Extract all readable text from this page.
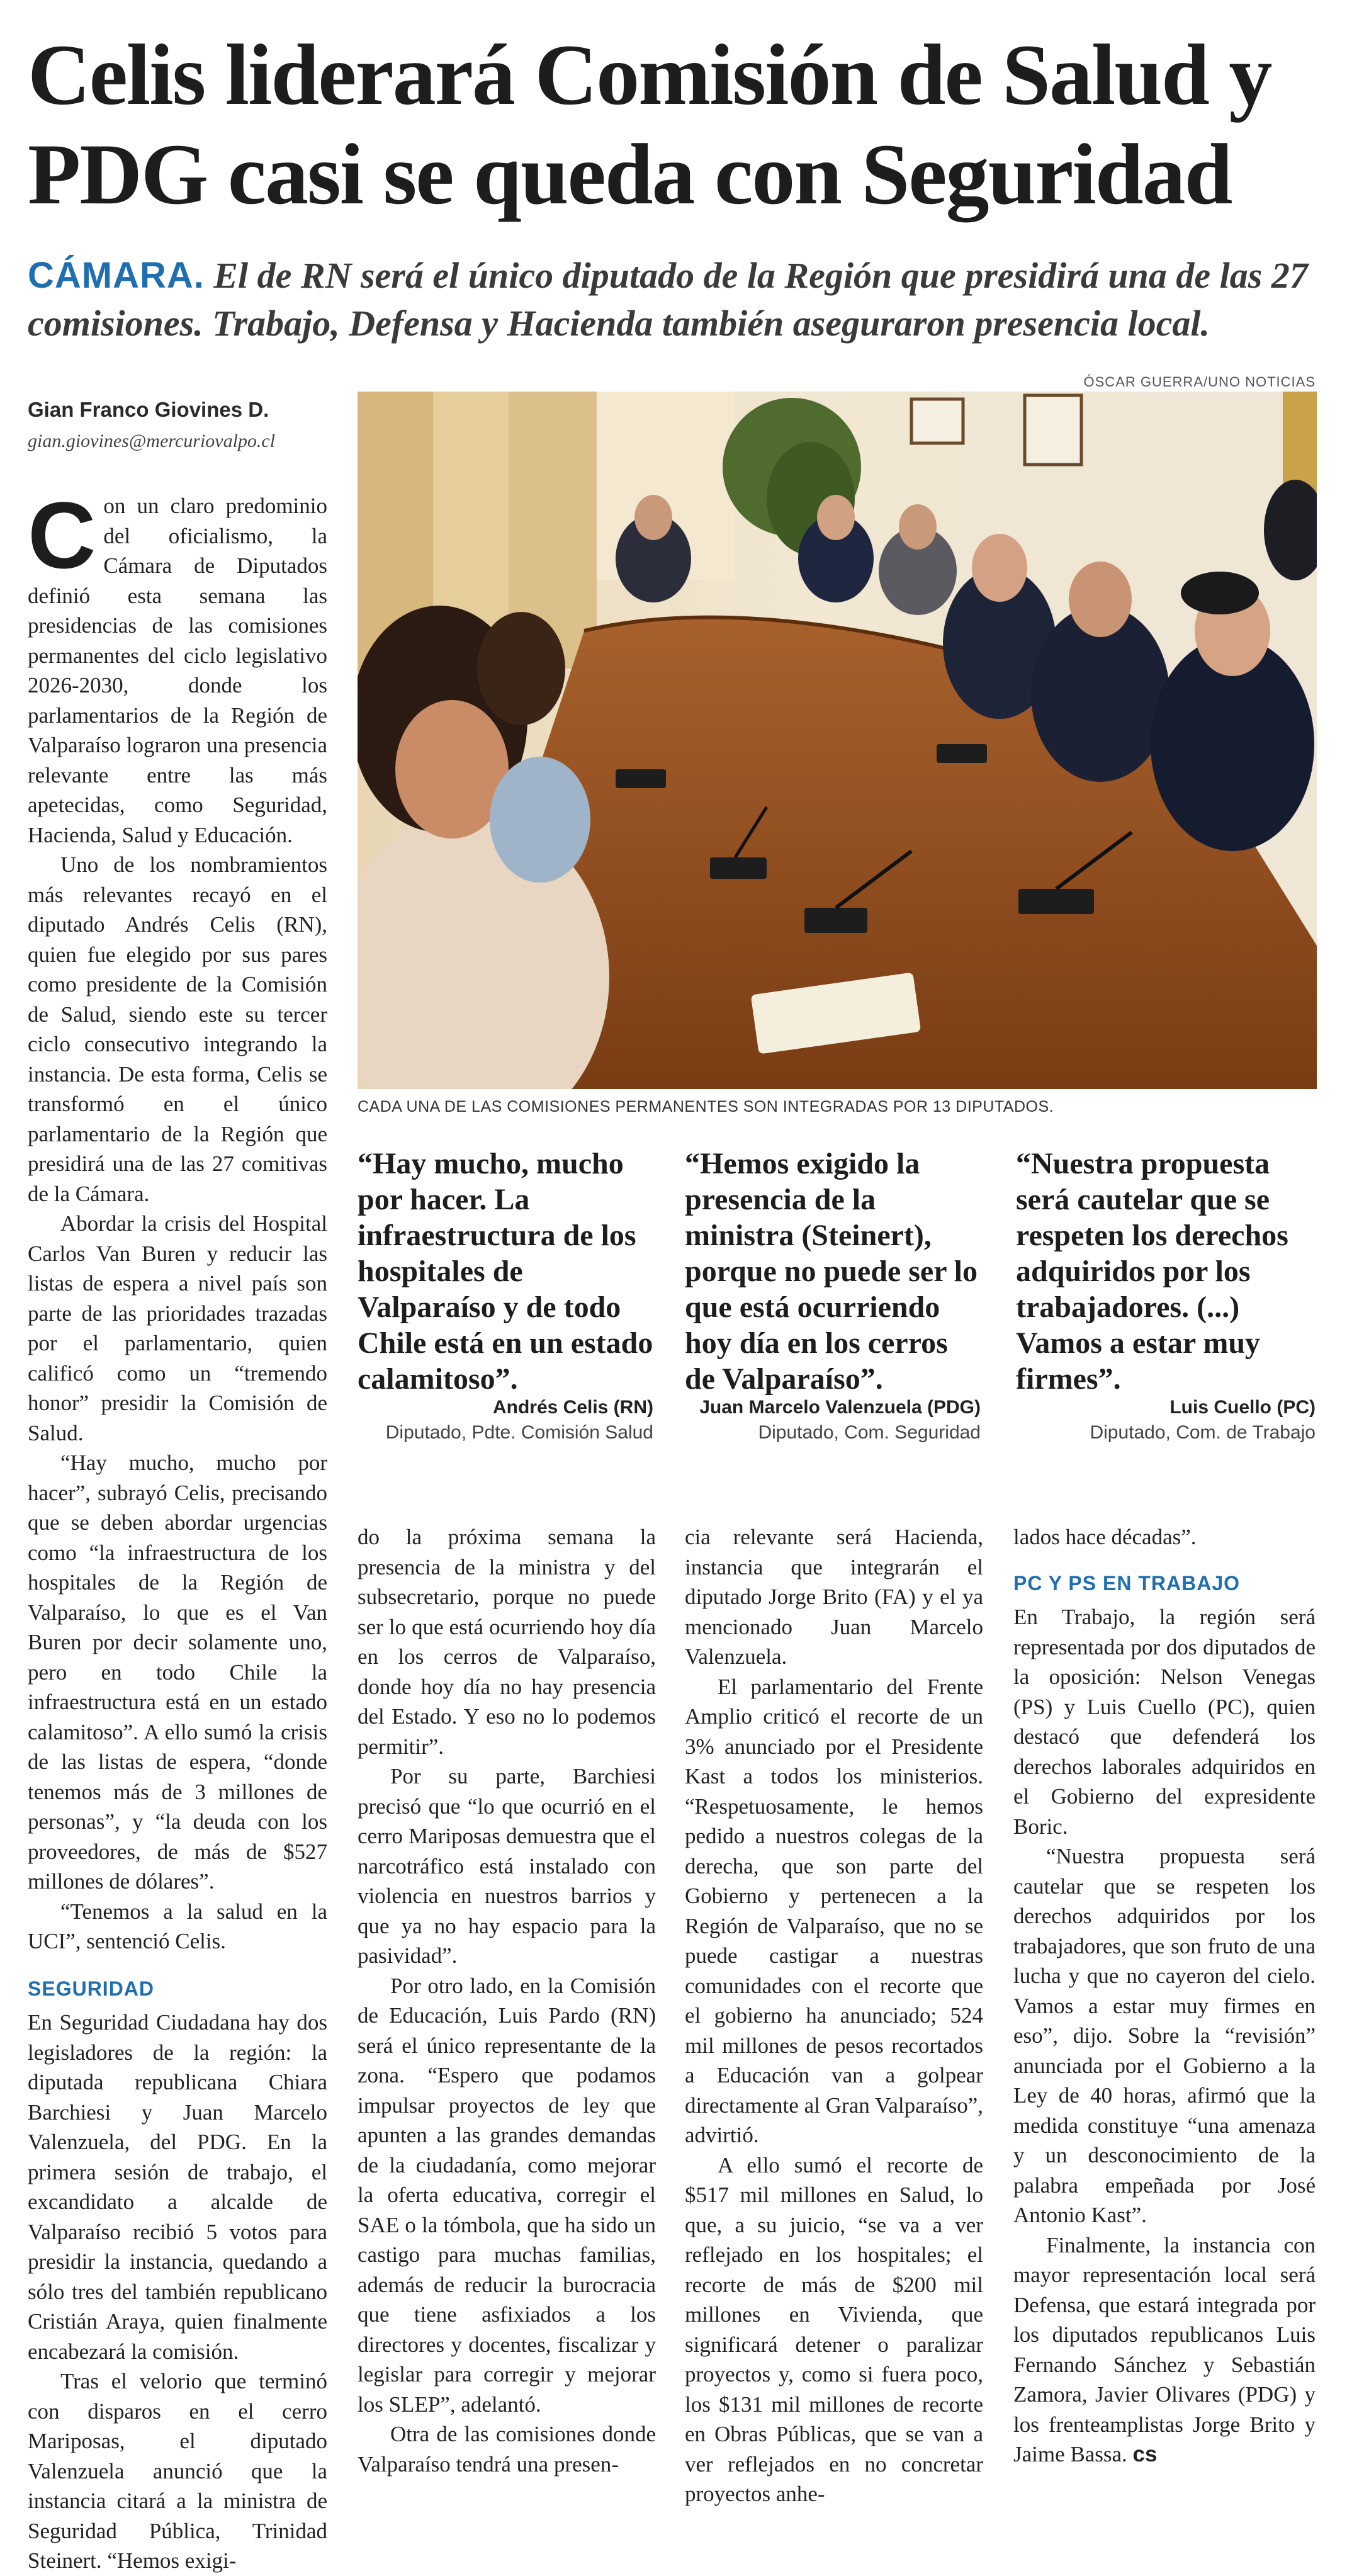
Celis liderará Comisión de Salud y PDG casi se queda con Seguridad

CÁMARA. El de RN será el único diputado de la Región que presidirá una de las 27 comisiones. Trabajo, Defensa y Hacienda también aseguraron presencia local.

ÓSCAR GUERRA/UNO NOTICIAS
Gian Franco Giovines D.
gian.giovines@mercuriovalpo.cl
CADA UNA DE LAS COMISIONES PERMANENTES SON INTEGRADAS POR 13 DIPUTADOS.
“Hay mucho, mucho por hacer. La infraestructura de los hospitales de Valparaíso y de todo Chile está en un estado calamitoso”.
Andrés Celis (RN)
Diputado, Pdte. Comisión Salud
“Hemos exigido la presencia de la ministra (Steinert), porque no puede ser lo que está ocurriendo hoy día en los cerros de Valparaíso”.
Juan Marcelo Valenzuela (PDG)
Diputado, Com. Seguridad
“Nuestra propuesta será cautelar que se respeten los derechos adquiridos por los trabajadores. (...) Vamos a estar muy firmes”.
Luis Cuello (PC)
Diputado, Com. de Trabajo

Con un claro predominio del oficialismo, la Cámara de Diputados definió esta semana las presidencias de las comisiones permanentes del ciclo legislativo 2026-2030, donde los parlamentarios de la Región de Valparaíso lograron una presencia relevante entre las más apetecidas, como Seguridad, Hacienda, Salud y Educación.

Uno de los nombramientos más relevantes recayó en el diputado Andrés Celis (RN), quien fue elegido por sus pares como presidente de la Comisión de Salud, siendo este su tercer ciclo consecutivo integrando la instancia. De esta forma, Celis se transformó en el único parlamentario de la Región que presidirá una de las 27 comitivas de la Cámara.

Abordar la crisis del Hospital Carlos Van Buren y reducir las listas de espera a nivel país son parte de las prioridades trazadas por el parlamentario, quien calificó como un “tremendo honor” presidir la Comisión de Salud.

“Hay mucho, mucho por hacer”, subrayó Celis, precisando que se deben abordar urgencias como “la infraestructura de los hospitales de la Región de Valparaíso, lo que es el Van Buren por decir solamente uno, pero en todo Chile la infraestructura está en un estado calamitoso”. A ello sumó la crisis de las listas de espera, “donde tenemos más de 3 millones de personas”, y “la deuda con los proveedores, de más de $527 millones de dólares”.

“Tenemos a la salud en la UCI”, sentenció Celis.

SEGURIDAD

En Seguridad Ciudadana hay dos legisladores de la región: la diputada republicana Chiara Barchiesi y Juan Marcelo Valenzuela, del PDG. En la primera sesión de trabajo, el excandidato a alcalde de Valparaíso recibió 5 votos para presidir la instancia, quedando a sólo tres del también republicano Cristián Araya, quien finalmente encabezará la comisión.

Tras el velorio que terminó con disparos en el cerro Mariposas, el diputado Valenzuela anunció que la instancia citará a la ministra de Seguridad Pública, Trinidad Steinert. “Hemos exigi-

do la próxima semana la presencia de la ministra y del subsecretario, porque no puede ser lo que está ocurriendo hoy día en los cerros de Valparaíso, donde hoy día no hay presencia del Estado. Y eso no lo podemos permitir”.

Por su parte, Barchiesi precisó que “lo que ocurrió en el cerro Mariposas demuestra que el narcotráfico está instalado con violencia en nuestros barrios y que ya no hay espacio para la pasividad”.

Por otro lado, en la Comisión de Educación, Luis Pardo (RN) será el único representante de la zona. “Espero que podamos impulsar proyectos de ley que apunten a las grandes demandas de la ciudadanía, como mejorar la oferta educativa, corregir el SAE o la tómbola, que ha sido un castigo para muchas familias, además de reducir la burocracia que tiene asfixiados a los directores y docentes, fiscalizar y legislar para corregir y mejorar los SLEP”, adelantó.

Otra de las comisiones donde Valparaíso tendrá una presen-

cia relevante será Hacienda, instancia que integrarán el diputado Jorge Brito (FA) y el ya mencionado Juan Marcelo Valenzuela.

El parlamentario del Frente Amplio criticó el recorte de un 3% anunciado por el Presidente Kast a todos los ministerios. “Respetuosamente, le hemos pedido a nuestros colegas de la derecha, que son parte del Gobierno y pertenecen a la Región de Valparaíso, que no se puede castigar a nuestras comunidades con el recorte que el gobierno ha anunciado; 524 mil millones de pesos recortados a Educación van a golpear directamente al Gran Valparaíso”, advirtió.

A ello sumó el recorte de $517 mil millones en Salud, lo que, a su juicio, “se va a ver reflejado en los hospitales; el recorte de más de $200 mil millones en Vivienda, que significará detener o paralizar proyectos y, como si fuera poco, los $131 mil millones de recorte en Obras Públicas, que se van a ver reflejados en no concretar proyectos anhe-

lados hace décadas”.

PC Y PS EN TRABAJO

En Trabajo, la región será representada por dos diputados de la oposición: Nelson Venegas (PS) y Luis Cuello (PC), quien destacó que defenderá los derechos laborales adquiridos en el Gobierno del expresidente Boric.

“Nuestra propuesta será cautelar que se respeten los derechos adquiridos por los trabajadores, que son fruto de una lucha y que no cayeron del cielo. Vamos a estar muy firmes en eso”, dijo. Sobre la “revisión” anunciada por el Gobierno a la Ley de 40 horas, afirmó que la medida constituye “una amenaza y un desconocimiento de la palabra empeñada por José Antonio Kast”.

Finalmente, la instancia con mayor representación local será Defensa, que estará integrada por los diputados republicanos Luis Fernando Sánchez y Sebastián Zamora, Javier Olivares (PDG) y los frenteamplistas Jorge Brito y Jaime Bassa. cs
